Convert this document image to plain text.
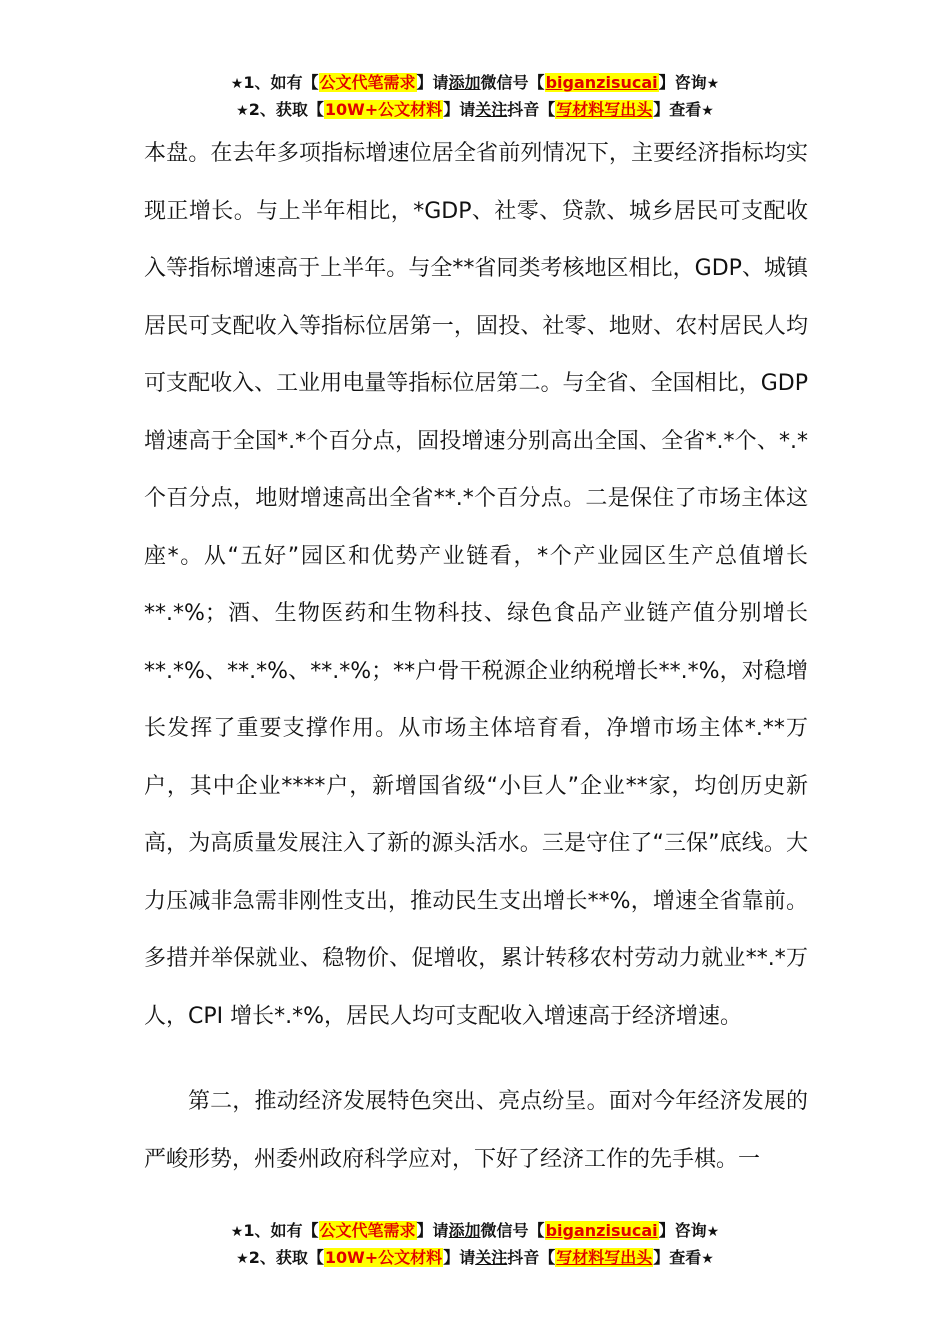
★1、如有【公文代笔需求】请添加微信号【biganzisucai】咨询★
★2、获取【10W+公文材料】请关注抖音【写材料写出头】查看★

本盘。在去年多项指标增速位居全省前列情况下，主要经济指标均实现正增长。与上半年相比，*GDP、社零、贷款、城乡居民可支配收入等指标增速高于上半年。与全**省同类考核地区相比，GDP、城镇居民可支配收入等指标位居第一，固投、社零、地财、农村居民人均可支配收入、工业用电量等指标位居第二。与全省、全国相比，GDP 增速高于全国*.*个百分点，固投增速分别高出全国、全省*.*个、*.*个百分点，地财增速高出全省**.*个百分点。二是保住了市场主体这座*。从“五好”园区和优势产业链看，*个产业园区生产总值增长**.*%；酒、生物医药和生物科技、绿色食品产业链产值分别增长**.*%、**.*%、**.*%；**户骨干税源企业纳税增长**.*%，对稳增长发挥了重要支撑作用。从市场主体培育看，净增市场主体*.**万户，其中企业****户，新增国省级“小巨人”企业**家，均创历史新高，为高质量发展注入了新的源头活水。三是守住了“三保”底线。大力压减非急需非刚性支出，推动民生支出增长**%，增速全省靠前。多措并举保就业、稳物价、促增收，累计转移农村劳动力就业**.*万人，CPI 增长*.*%，居民人均可支配收入增速高于经济增速。

第二，推动经济发展特色突出、亮点纷呈。面对今年经济发展的严峻形势，州委州政府科学应对，下好了经济工作的先手棋。一

★1、如有【公文代笔需求】请添加微信号【biganzisucai】咨询★
★2、获取【10W+公文材料】请关注抖音【写材料写出头】查看★
